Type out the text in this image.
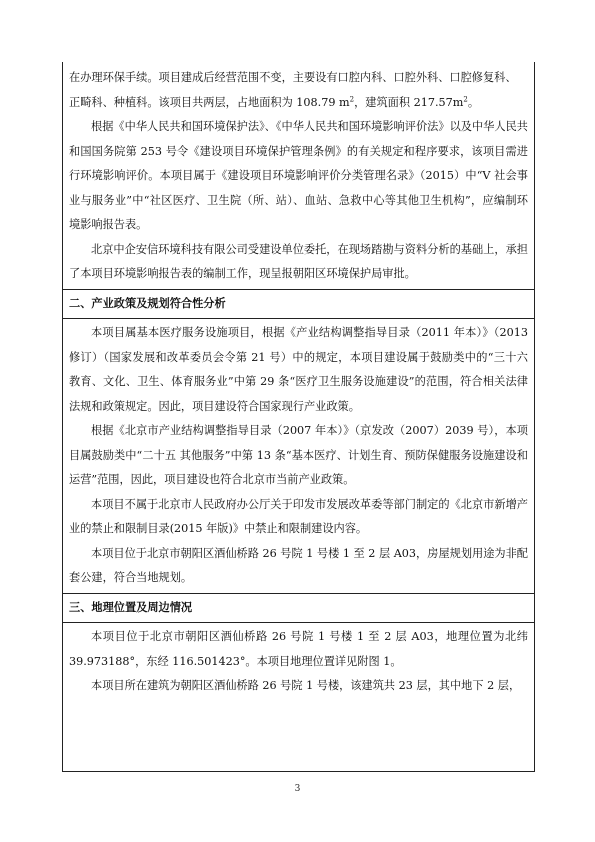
在办理环保手续。项目建成后经营范围不变，主要设有口腔内科、口腔外科、口腔修复科、
正畸科、种植科。该项目共两层，占地面积为 108.79 $m^2$，建筑面积 $217.57m^2$。

根据《中华人民共和国环境保护法》、《中华人民共和国环境影响评价法》以及中华人民共和国国务院第 253 号令《建设项目环境保护管理条例》的有关规定和程序要求，该项目需进行环境影响评价。本项目属于《建设项目环境影响评价分类管理名录》（2015）中“V 社会事业与服务业”中“社区医疗、卫生院（所、站）、血站、急救中心等其他卫生机构”，应编制环境影响报告表。

北京中企安信环境科技有限公司受建设单位委托，在现场踏勘与资料分析的基础上，承担了本项目环境影响报告表的编制工作，现呈报朝阳区环境保护局审批。

二、产业政策及规划符合性分析

本项目属基本医疗服务设施项目，根据《产业结构调整指导目录（2011 年本）》（2013 修订）（国家发展和改革委员会令第 21 号）中的规定，本项目建设属于鼓励类中的“三十六 教育、文化、卫生、体育服务业”中第 29 条“医疗卫生服务设施建设”的范围，符合相关法律法规和政策规定。因此，项目建设符合国家现行产业政策。

根据《北京市产业结构调整指导目录（2007 年本）》（京发改（2007）2039 号），本项目属鼓励类中“二十五 其他服务”中第 13 条“基本医疗、计划生育、预防保健服务设施建设和运营”范围，因此，项目建设也符合北京市当前产业政策。

本项目不属于北京市人民政府办公厅关于印发市发展改革委等部门制定的《北京市新增产业的禁止和限制目录(2015 年版)》中禁止和限制建设内容。

本项目位于北京市朝阳区酒仙桥路 26 号院 1 号楼 1 至 2 层 A03，房屋规划用途为非配套公建，符合当地规划。

三、地理位置及周边情况

本项目位于北京市朝阳区酒仙桥路 26 号院 1 号楼 1 至 2 层 A03，地理位置为北纬 39.973188°，东经 116.501423°。本项目地理位置详见附图 1。

本项目所在建筑为朝阳区酒仙桥路 26 号院 1 号楼，该建筑共 23 层，其中地下 2 层，

3
